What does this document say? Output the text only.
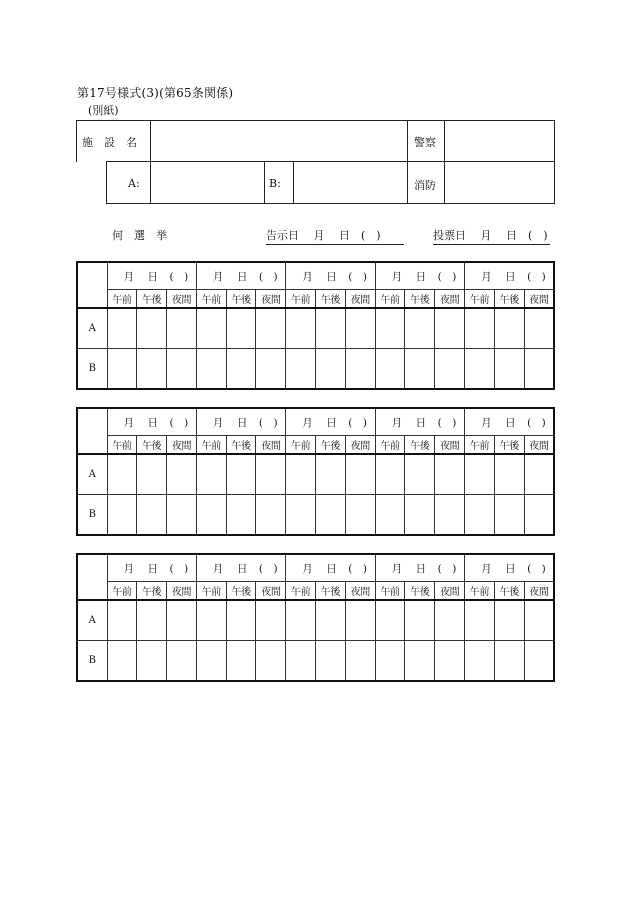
第17号様式(3)(第65条関係)
(別紙)
施　設　名	警察
A:	B:	消防
何　選　挙	告示日　 月 　日　(　)	投票日　 月 　日　(　)

	月 日 (　)			月 日 (　)			月 日 (　)			月 日 (　)			月 日 (　)		

	午前	午後	夜間	午前	午後	夜間	午前	午後	夜間	午前	午後	夜間	午前	午後	夜間
A															
B															

	月 日 (　)			月 日 (　)			月 日 (　)			月 日 (　)			月 日 (　)		

	午前	午後	夜間	午前	午後	夜間	午前	午後	夜間	午前	午後	夜間	午前	午後	夜間
A															
B															

	月 日 (　)			月 日 (　)			月 日 (　)			月 日 (　)			月 日 (　)		

	午前	午後	夜間	午前	午後	夜間	午前	午後	夜間	午前	午後	夜間	午前	午後	夜間
A															
B															
